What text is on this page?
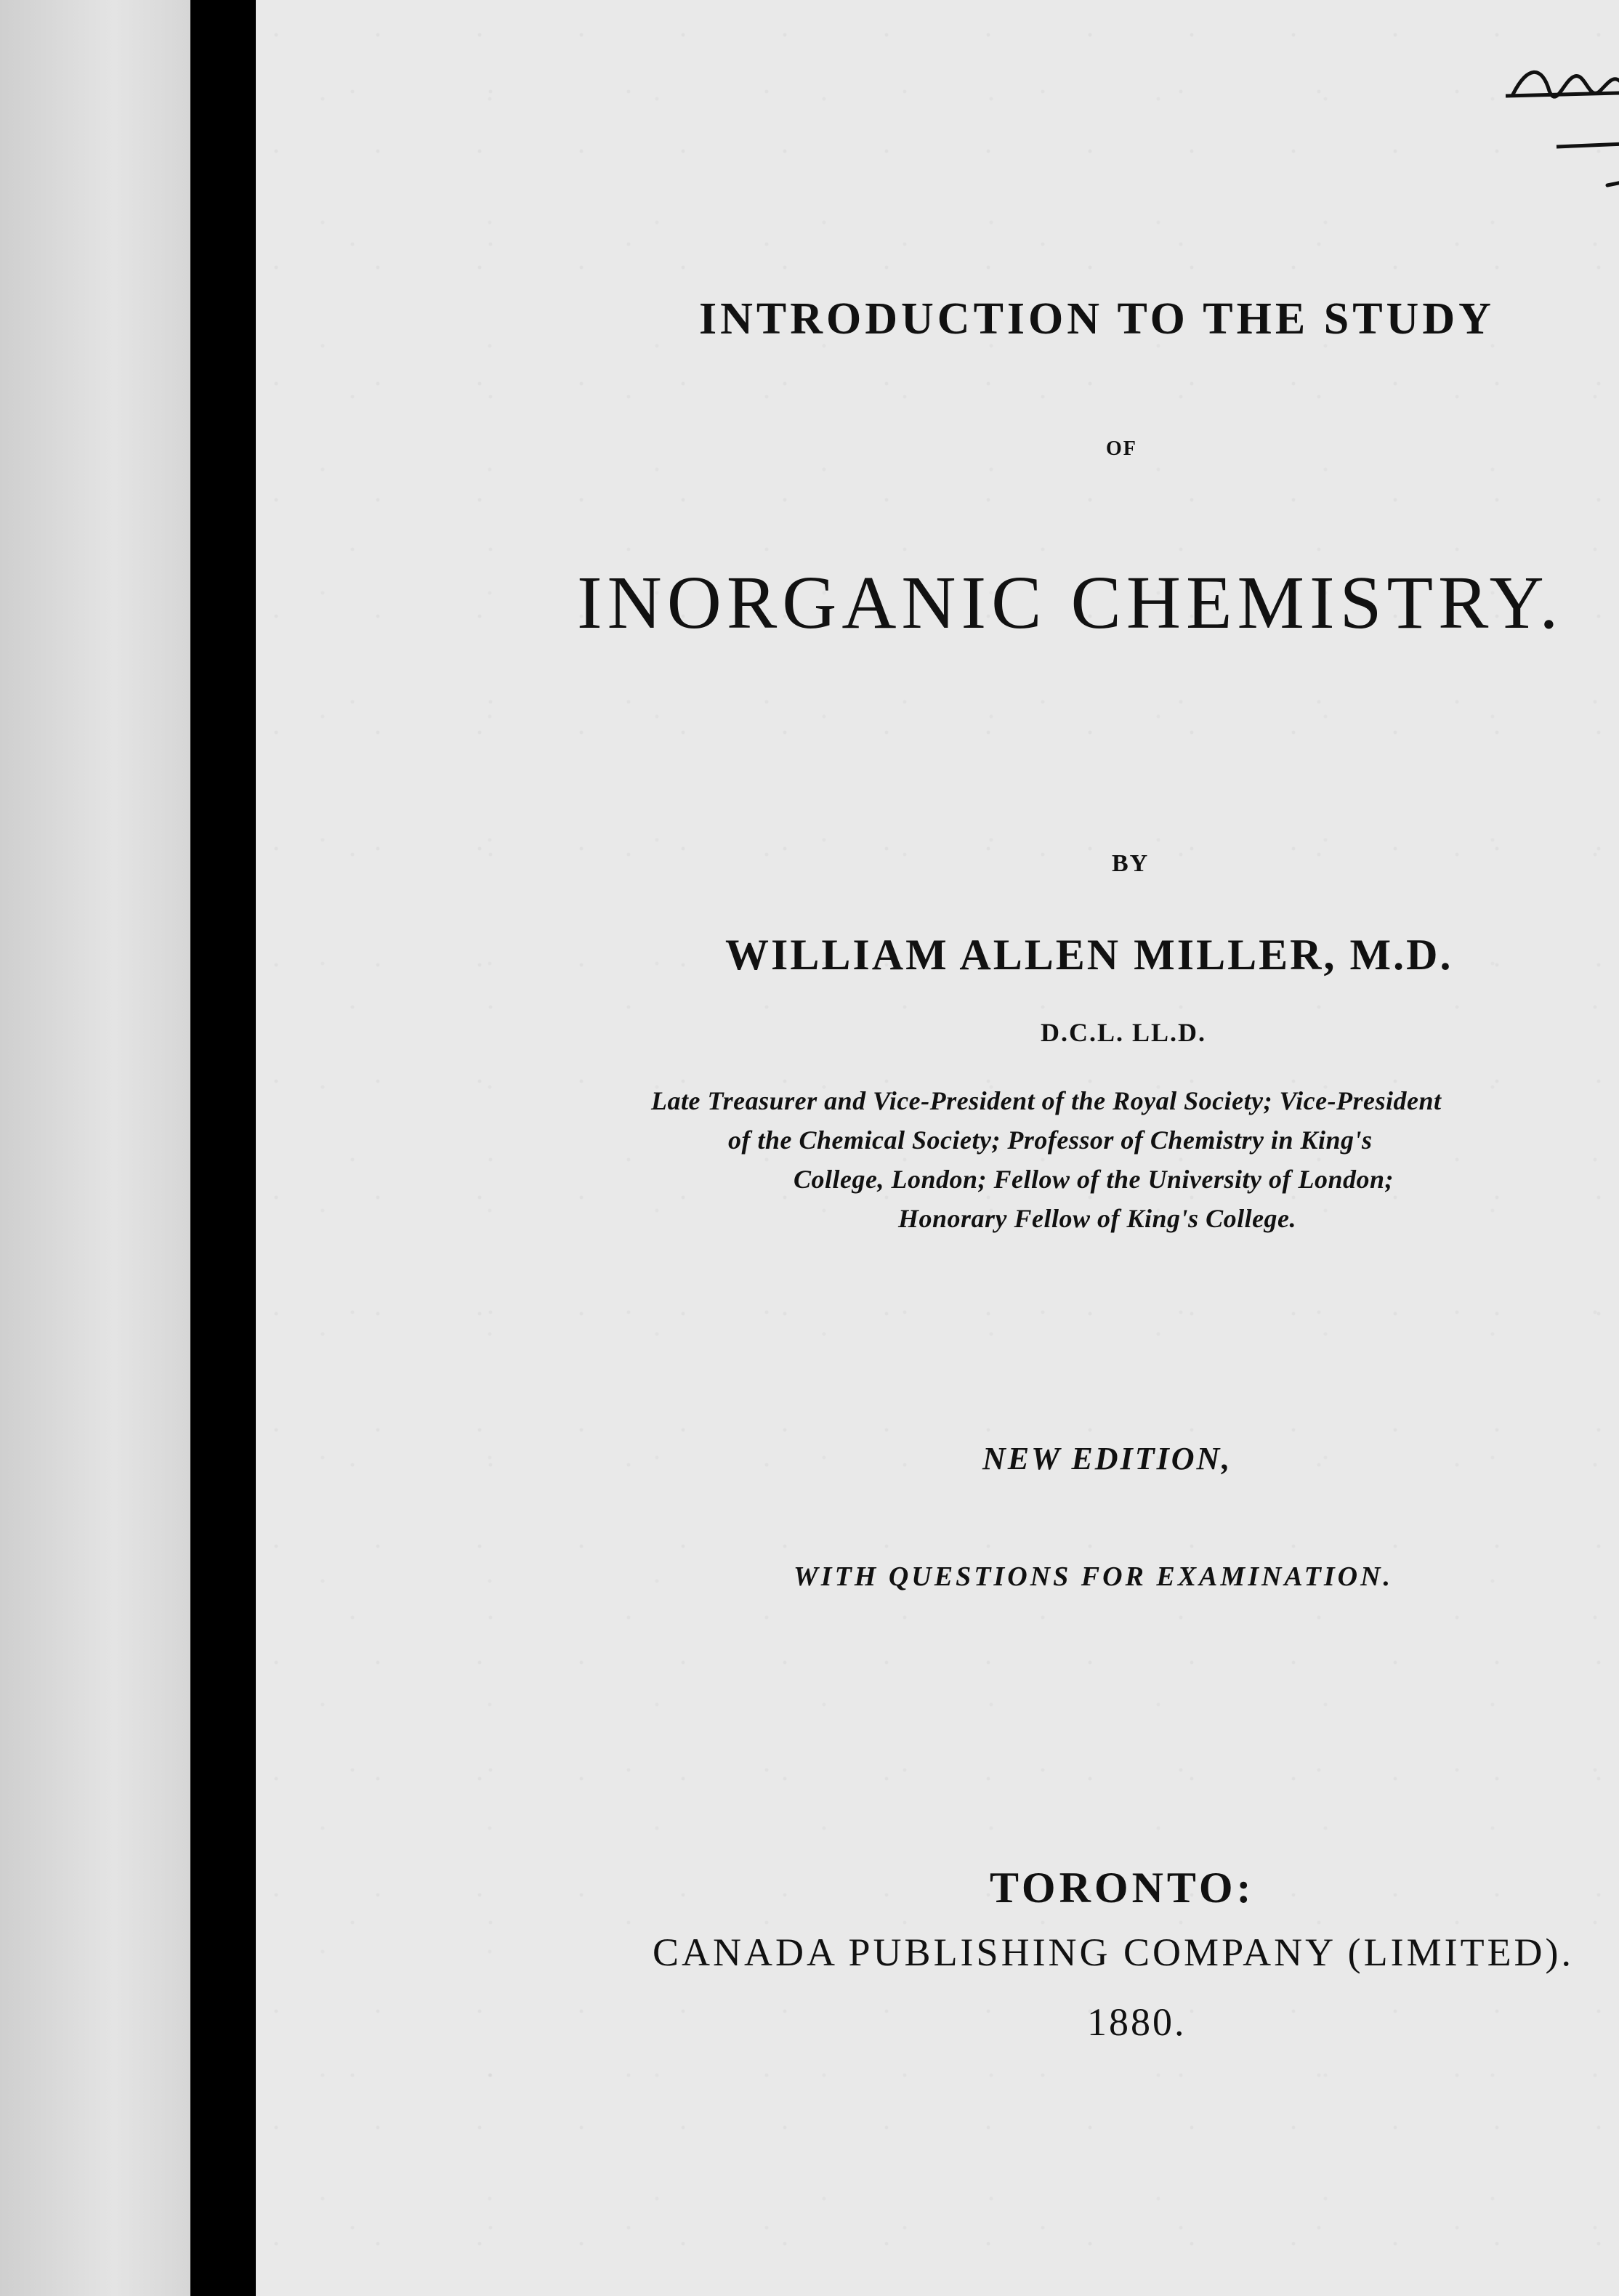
INTRODUCTION TO THE STUDY
OF
INORGANIC CHEMISTRY.
BY
WILLIAM ALLEN MILLER, M.D.
D.C.L. LL.D.
Late Treasurer and Vice-President of the Royal Society; Vice-President
of the Chemical Society; Professor of Chemistry in King's
College, London; Fellow of the University of London;
Honorary Fellow of King's College.
NEW EDITION,
WITH QUESTIONS FOR EXAMINATION.
TORONTO:
CANADA PUBLISHING COMPANY (LIMITED).
1880.
